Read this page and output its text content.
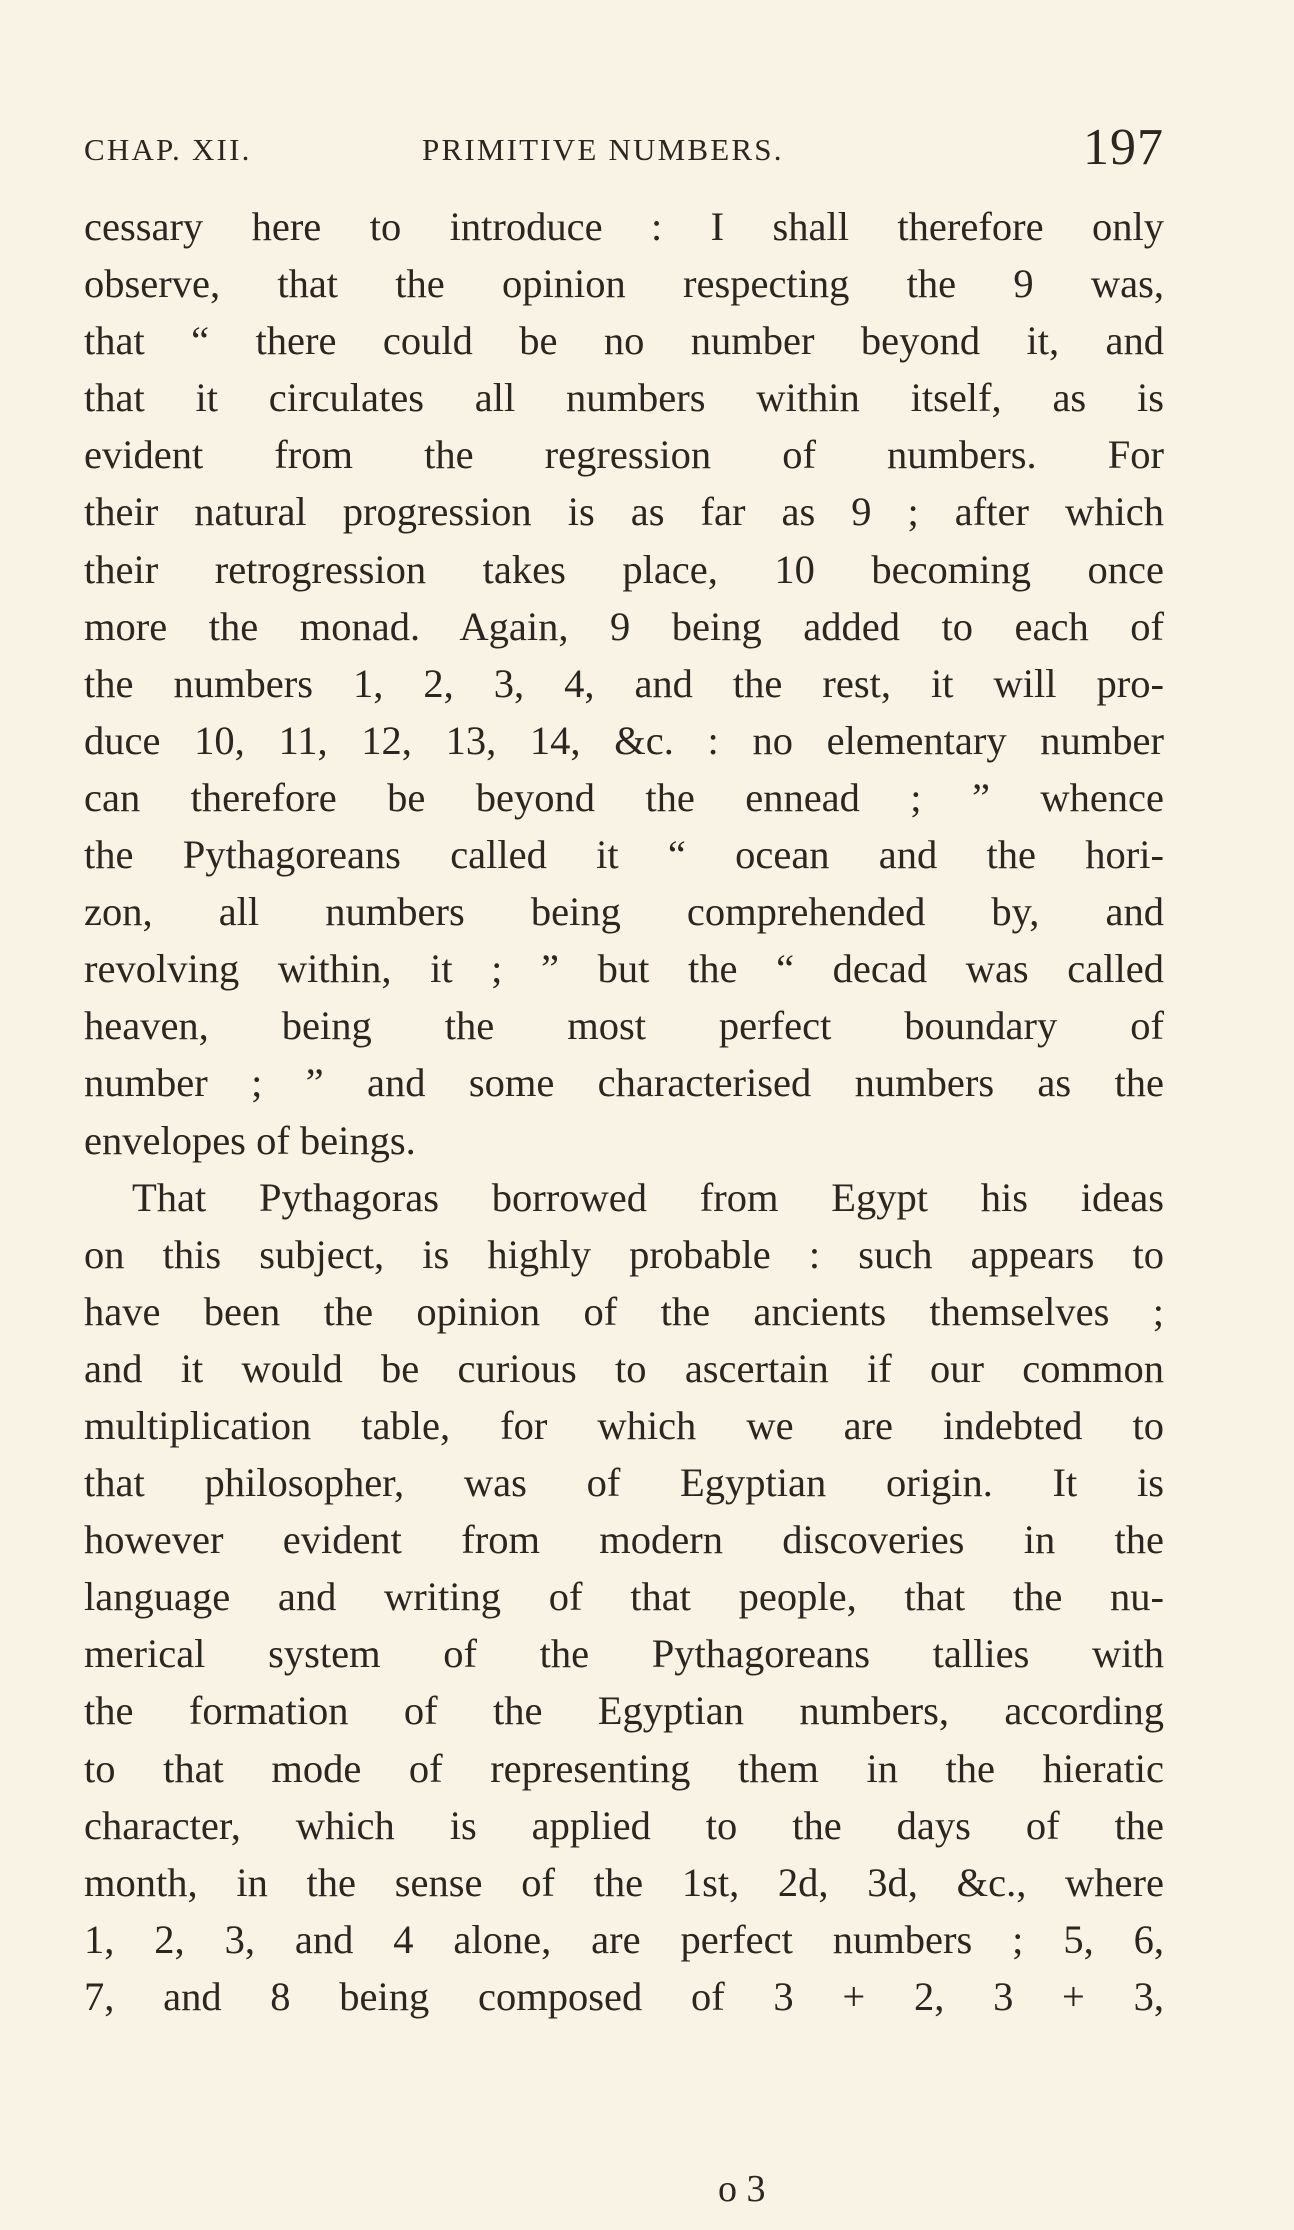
CHAP. XII.	PRIMITIVE NUMBERS.	197
cessary here to introduce : I shall therefore only
observe, that the opinion respecting the 9 was,
that “ there could be no number beyond it, and
that it circulates all numbers within itself, as is
evident from the regression of numbers. For
their natural progression is as far as 9 ; after which
their retrogression takes place, 10 becoming once
more the monad. Again, 9 being added to each of
the numbers 1, 2, 3, 4, and the rest, it will pro-
duce 10, 11, 12, 13, 14, &c. : no elementary number
can therefore be beyond the ennead ; ” whence
the Pythagoreans called it “ ocean and the hori-
zon, all numbers being comprehended by, and
revolving within, it ; ” but the “ decad was called
heaven, being the most perfect boundary of
number ; ” and some characterised numbers as the
envelopes of beings.
That Pythagoras borrowed from Egypt his ideas
on this subject, is highly probable : such appears to
have been the opinion of the ancients themselves ;
and it would be curious to ascertain if our common
multiplication table, for which we are indebted to
that philosopher, was of Egyptian origin. It is
however evident from modern discoveries in the
language and writing of that people, that the nu-
merical system of the Pythagoreans tallies with
the formation of the Egyptian numbers, according
to that mode of representing them in the hieratic
character, which is applied to the days of the
month, in the sense of the 1st, 2d, 3d, &c., where
1, 2, 3, and 4 alone, are perfect numbers ; 5, 6,
7, and 8 being composed of 3 + 2, 3 + 3,
o 3
